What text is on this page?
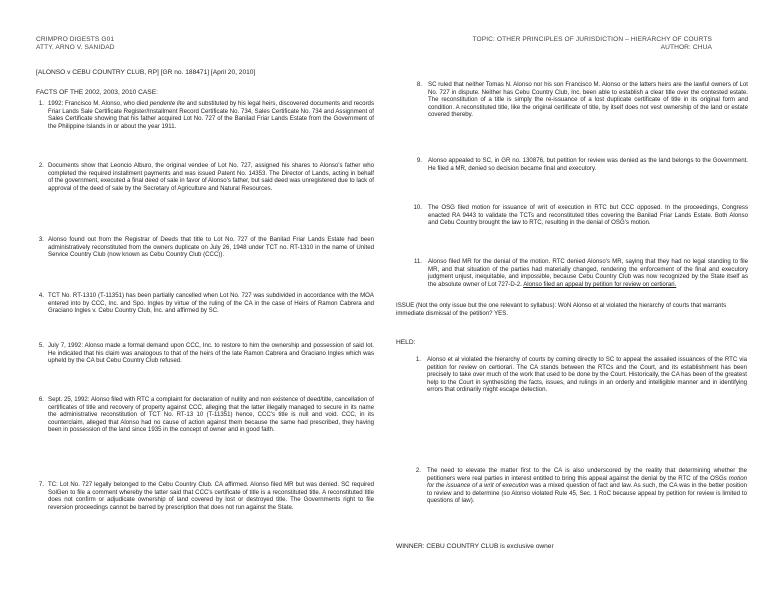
CRIMPRO DIGESTS G01
ATTY. ARNO V. SANIDAD
TOPIC: OTHER PRINCIPLES OF JURISDICTION – HIERARCHY OF COURTS
AUTHOR: CHUA
[ALONSO v CEBU COUNTRY CLUB, RP] [GR no. 188471] [April 20, 2010]
FACTS OF THE 2002, 2003, 2010 CASE:
1. 1992: Francisco M. Alonso, who died pendente lite and substituted by his legal heirs, discovered documents and records Friar Lands Sale Certificate Register/Installment Record Certificate No. 734, Sales Certificate No. 734 and Assignment of Sales Certificate showing that his father acquired Lot No. 727 of the Banilad Friar Lands Estate from the Government of the Philippine Islands in or about the year 1911.
2. Documents show that Leoncio Alburo, the original vendee of Lot No. 727, assigned his shares to Alonso's father who completed the required installment payments and was issued Patent No. 14353. The Director of Lands, acting in behalf of the government, executed a final deed of sale in favor of Alonso's father, but said deed was unregistered due to lack of approval of the deed of sale by the Secretary of Agriculture and Natural Resources.
3. Alonso found out from the Registrar of Deeds that title to Lot No. 727 of the Banilad Friar Lands Estate had been administratively reconstituted from the owners duplicate on July 26, 1948 under TCT no. RT-1310 in the name of United Service Country Club (now known as Cebu Country Club (CCC)).
4. TCT No. RT-1310 (T-11351) has been partially cancelled when Lot No. 727 was subdivided in accordance with the MOA entered into by CCC, Inc. and Spo. Ingles by virtue of the ruling of the CA in the case of Heirs of Ramon Cabrera and Graciano Ingles v. Cebu Country Club, Inc. and affirmed by SC.
5. July 7, 1992: Alonso made a formal demand upon CCC, Inc. to restore to him the ownership and possession of said lot. He indicated that his claim was analogous to that of the heirs of the late Ramon Cabrera and Graciano Ingles which was upheld by the CA but Cebu Country Club refused.
6. Sept. 25, 1992: Alonso filed with RTC a complaint for declaration of nullity and non existence of deed/title, cancellation of certificates of title and recovery of property against CCC, alleging that the latter illegally managed to secure in its name the administrative reconstitution of TCT No. RT-13 10 (T-11351) hence, CCC's title is null and void. CCC, in its counterclaim, alleged that Alonso had no cause of action against them because the same had prescribed, they having been in possession of the land since 1935 in the concept of owner and in good faith.
7. TC: Lot No. 727 legally belonged to the Cebu Country Club. CA affirmed. Alonso filed MR but was denied. SC required SolGen to file a comment whereby the latter said that CCC's certificate of title is a reconstituted title. A reconstituted title does not confirm or adjudicate ownership of land covered by lost or destroyed title. The Governments right to file reversion proceedings cannot be barred by prescription that does not run against the State.
8. SC ruled that neither Tomas N. Alonso nor his son Francisco M. Alonso or the latters heirs are the lawful owners of Lot No. 727 in dispute. Neither has Cebu Country Club, Inc. been able to establish a clear title over the contested estate. The reconstitution of a title is simply the re-issuance of a lost duplicate certificate of title in its original form and condition. A reconstituted title, like the original certificate of title, by itself does not vest ownership of the land or estate covered thereby.
9. Alonso appealed to SC, in GR no. 130876, but petition for review was denied as the land belongs to the Government. He filed a MR, denied so decision became final and executory.
10. The OSG filed motion for issuance of writ of execution in RTC but CCC opposed. In the proceedings, Congress enacted RA 9443 to validate the TCTs and reconstituted titles covering the Banilad Friar Lands Estate. Both Alonso and Cebu Country brought the law to RTC, resulting in the denial of OSG's motion.
11. Alonso filed MR for the denial of the motion. RTC denied Alonso's MR, saying that they had no legal standing to file MR, and that situation of the parties had materially changed, rendering the enforcement of the final and executory judgment unjust, inequitable, and impossible, because Cebu Country Club was now recognized by the State itself as the absolute owner of Lot 727-D-2. Alonso filed an appeal by petition for review on certiorari.
ISSUE (Not the only issue but the one relevant to syllabus): WoN Alonso et al violated the hierarchy of courts that warrants immediate dismissal of the petition? YES.
HELD:
1. Alonso et al violated the hierarchy of courts by coming directly to SC to appeal the assailed issuances of the RTC via petition for review on certiorari. The CA stands between the RTCs and the Court, and its establishment has been precisely to take over much of the work that used to be done by the Court. Historically, the CA has been of the greatest help to the Court in synthesizing the facts, issues, and rulings in an orderly and intelligible manner and in identifying errors that ordinarily might escape detection.
2. The need to elevate the matter first to the CA is also underscored by the reality that determining whether the petitioners were real parties in interest entitled to bring this appeal against the denial by the RTC of the OSGs motion for the issuance of a writ of execution was a mixed question of fact and law. As such, the CA was in the better position to review and to determine (so Alonso violated Rule 45, Sec. 1 RoC because appeal by petition for review is limited to questions of law).
WINNER: CEBU COUNTRY CLUB is exclusive owner
